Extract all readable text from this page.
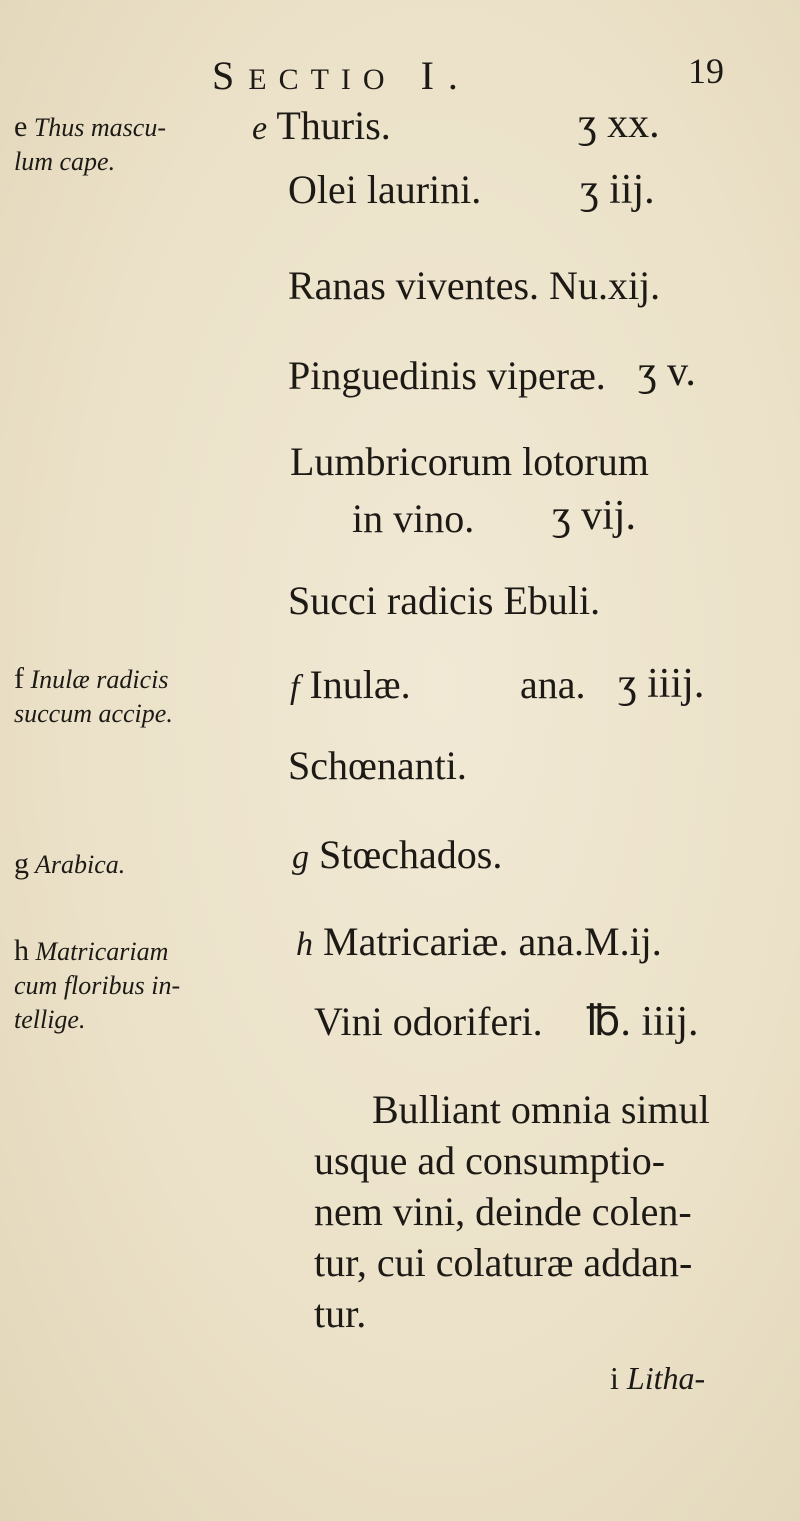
SECTIO I.	19
e Thus mascu-
lum cape.
f Inulæ radicis
succum accipe.
g Arabica.
h Matricariam
cum floribus in-
tellige.
e Thuris.	ʒ xx.
Olei laurini. ʒ iij.
Ranas viventes. Nu.xij.
Pinguedinis viperæ. ʒ v.
Lumbricorum lotorum
in vino. ʒ vij.
Succi radicis Ebuli.
f Inulæ.	ana. ʒ iiij.
Schœnanti.
g Stœchados.
h Matricariæ. ana.M.ij.
Vini odoriferi. ℔. iiij.
Bulliant omnia simul
usque ad consumptio-
nem vini, deinde colen-
tur, cui colaturæ addan-
tur.
i Litha-
